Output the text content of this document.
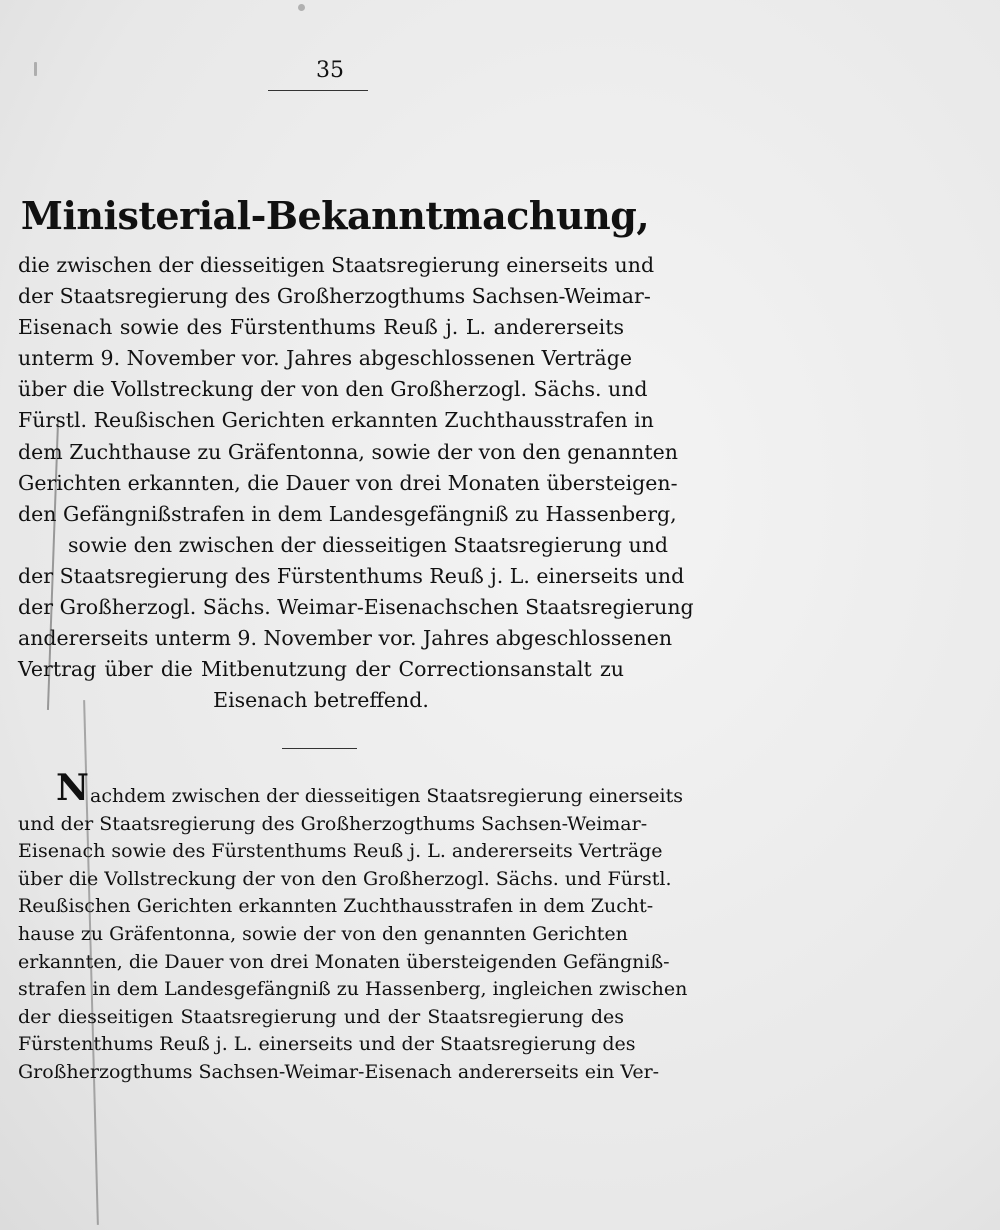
35
Ministerial-Bekanntmachung,
die zwischen der diesseitigen Staatsregierung einerseits und
der Staatsregierung des Großherzogthums Sachsen-Weimar-
Eisenach sowie des Fürstenthums Reuß j. L. andererseits
unterm 9. November vor. Jahres abgeschlossenen Verträge
über die Vollstreckung der von den Großherzogl. Sächs. und
Fürstl. Reußischen Gerichten erkannten Zuchthausstrafen in
dem Zuchthause zu Gräfentonna, sowie der von den genannten
Gerichten erkannten, die Dauer von drei Monaten übersteigen-
den Gefängnißstrafen in dem Landesgefängniß zu Hassenberg,
sowie den zwischen der diesseitigen Staatsregierung und
der Staatsregierung des Fürstenthums Reuß j. L. einerseits und
der Großherzogl. Sächs. Weimar-Eisenachschen Staatsregierung
andererseits unterm 9. November vor. Jahres abgeschlossenen
Vertrag über die Mitbenutzung der Correctionsanstalt zu
Eisenach betreffend.
N achdem zwischen der diesseitigen Staatsregierung einerseits
und der Staatsregierung des Großherzogthums Sachsen-Weimar-
Eisenach sowie des Fürstenthums Reuß j. L. andererseits Verträge
über die Vollstreckung der von den Großherzogl. Sächs. und Fürstl.
Reußischen Gerichten erkannten Zuchthausstrafen in dem Zucht-
hause zu Gräfentonna, sowie der von den genannten Gerichten
erkannten, die Dauer von drei Monaten übersteigenden Gefängniß-
strafen in dem Landesgefängniß zu Hassenberg, ingleichen zwischen
der diesseitigen Staatsregierung und der Staatsregierung des
Fürstenthums Reuß j. L. einerseits und der Staatsregierung des
Großherzogthums Sachsen-Weimar-Eisenach andererseits ein Ver-
